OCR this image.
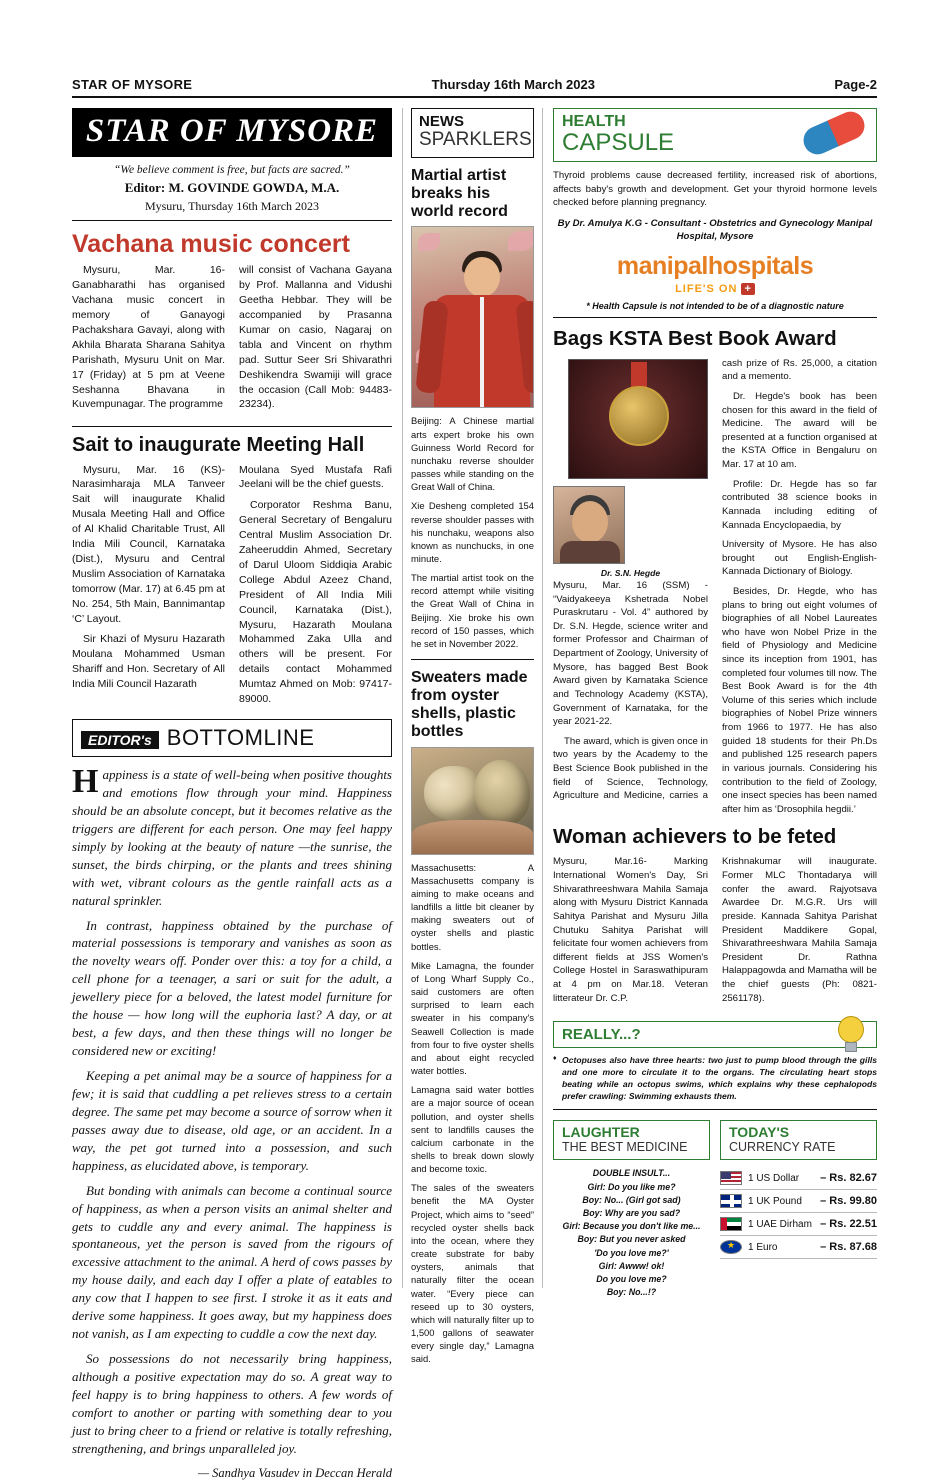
STAR OF MYSORE	Thursday 16th March 2023	Page-2
STAR OF MYSORE
“We believe comment is free, but facts are sacred.”
Editor: M. GOVINDE GOWDA, M.A.
Mysuru, Thursday 16th March 2023
Vachana music concert

Mysuru, Mar. 16- Ganabharathi has organised Vachana music concert in memory of Ganayogi Pachakshara Gavayi, along with Akhila Bharata Sharana Sahitya Parishath, Mysuru Unit on Mar. 17 (Friday) at 5 pm at Veene Seshanna Bhavana in Kuvempunagar. The programme

will consist of Vachana Gayana by Prof. Mallanna and Vidushi Geetha Hebbar. They will be accompanied by Prasanna Kumar on casio, Nagaraj on tabla and Vincent on rhythm pad. Suttur Seer Sri Shivarathri Deshikendra Swamiji will grace the occasion (Call Mob: 94483-23234).

Sait to inaugurate Meeting Hall

Mysuru, Mar. 16 (KS)- Narasimharaja MLA Tanveer Sait will inaugurate Khalid Musala Meeting Hall and Office of Al Khalid Charitable Trust, All India Mili Council, Karnataka (Dist.), Mysuru and Central Muslim Association of Karnataka tomorrow (Mar. 17) at 6.45 pm at No. 254, 5th Main, Bannimantap ‘C’ Layout.

Sir Khazi of Mysuru Hazarath Moulana Mohammed Usman Shariff and Hon. Secretary of All India Mili Council Hazarath

Moulana Syed Mustafa Rafi Jeelani will be the chief guests.

Corporator Reshma Banu, General Secretary of Bengaluru Central Muslim Association Dr. Zaheeruddin Ahmed, Secretary of Darul Uloom Siddiqia Arabic College Abdul Azeez Chand, President of All India Mili Council, Karnataka (Dist.), Mysuru, Hazarath Moulana Mohammed Zaka Ulla and others will be present. For details contact Mohammed Mumtaz Ahmed on Mob: 97417-89000.

EDITOR's BOTTOMLINE

Happiness is a state of well-being when positive thoughts and emotions flow through your mind. Happiness should be an absolute concept, but it becomes relative as the triggers are different for each person. One may feel happy simply by looking at the beauty of nature —the sunrise, the sunset, the birds chirping, or the plants and trees shining with wet, vibrant colours as the gentle rainfall acts as a natural sprinkler.

In contrast, happiness obtained by the purchase of material possessions is temporary and vanishes as soon as the novelty wears off. Ponder over this: a toy for a child, a cell phone for a teenager, a sari or suit for the adult, a jewellery piece for a beloved, the latest model furniture for the house — how long will the euphoria last? A day, or at best, a few days, and then these things will no longer be considered new or exciting!

Keeping a pet animal may be a source of happiness for a few; it is said that cuddling a pet relieves stress to a certain degree. The same pet may become a source of sorrow when it passes away due to disease, old age, or an accident. In a way, the pet got turned into a possession, and such happiness, as elucidated above, is temporary.

But bonding with animals can become a continual source of happiness, as when a person visits an animal shelter and gets to cuddle any and every animal. The happiness is spontaneous, yet the person is saved from the rigours of excessive attachment to the animal. A herd of cows passes by my house daily, and each day I offer a plate of eatables to any cow that I happen to see first. I stroke it as it eats and derive some happiness. It goes away, but my happiness does not vanish, as I am expecting to cuddle a cow the next day.

So possessions do not necessarily bring happiness, although a positive expectation may do so. A great way to feel happy is to bring happiness to others. A few words of comfort to another or parting with something dear to you just to bring cheer to a friend or relative is totally refreshing, strengthening, and brings unparalleled joy.

— Sandhya Vasudev in Deccan Herald
NEWS
SPARKLERS
Martial artist breaks his world record

Beijing: A Chinese martial arts expert broke his own Guinness World Record for nunchaku reverse shoulder passes while standing on the Great Wall of China.

Xie Desheng completed 154 reverse shoulder passes with his nunchaku, weapons also known as nunchucks, in one minute.

The martial artist took on the record attempt while visiting the Great Wall of China in Beijing. Xie broke his own record of 150 passes, which he set in November 2022.

Sweaters made from oyster shells, plastic bottles

Massachusetts: A Massachusetts company is aiming to make oceans and landfills a little bit cleaner by making sweaters out of oyster shells and plastic bottles.

Mike Lamagna, the founder of Long Wharf Supply Co., said customers are often surprised to learn each sweater in his company's Seawell Collection is made from four to five oyster shells and about eight recycled water bottles.

Lamagna said water bottles are a major source of ocean pollution, and oyster shells sent to landfills causes the calcium carbonate in the shells to break down slowly and become toxic.

The sales of the sweaters benefit the MA Oyster Project, which aims to “seed” recycled oyster shells back into the ocean, where they create substrate for baby oysters, animals that naturally filter the ocean water. “Every piece can reseed up to 30 oysters, which will naturally filter up to 1,500 gallons of seawater every single day,” Lamagna said.

HEALTH
CAPSULE
Thyroid problems cause decreased fertility, increased risk of abortions, affects baby's growth and development. Get your thyroid hormone levels checked before planning pregnancy.
By Dr. Amulya K.G - Consultant - Obstetrics and Gynecology Manipal Hospital, Mysore
manipalhospitals
LIFE'S ON +
* Health Capsule is not intended to be of a diagnostic nature
Bags KSTA Best Book Award
Dr. S.N. Hegde

Mysuru, Mar. 16 (SSM) - “Vaidyakeeya Kshetrada Nobel Puraskrutaru - Vol. 4” authored by Dr. S.N. Hegde, science writer and former Professor and Chairman of Department of Zoology, University of Mysore, has bagged Best Book Award given by Karnataka Science and Technology Academy (KSTA), Government of Karnataka, for the year 2021-22.

The award, which is given once in two years by the Academy to the Best Science Book published in the field of Science, Technology, Agriculture and Medicine, carries a cash prize of Rs. 25,000, a citation and a memento.

Dr. Hegde's book has been chosen for this award in the field of Medicine. The award will be presented at a function organised at the KSTA Office in Bengaluru on Mar. 17 at 10 am.

Profile: Dr. Hegde has so far contributed 38 science books in Kannada including editing of Kannada Encyclopaedia, by

University of Mysore. He has also brought out English-English-Kannada Dictionary of Biology.

Besides, Dr. Hegde, who has plans to bring out eight volumes of biographies of all Nobel Laureates who have won Nobel Prize in the field of Physiology and Medicine since its inception from 1901, has completed four volumes till now. The Best Book Award is for the 4th Volume of this series which include biographies of Nobel Prize winners from 1966 to 1977. He has also guided 18 students for their Ph.Ds and published 125 research papers in various journals. Considering his contribution to the field of Zoology, one insect species has been named after him as ‘Drosophila hegdii.’

Woman achievers to be feted

Mysuru, Mar.16- Marking International Women's Day, Sri Shivarathreeshwara Mahila Samaja along with Mysuru District Kannada Sahitya Parishat and Mysuru Jilla Chutuku Sahitya Parishat will felicitate four women achievers from different fields at JSS Women's College Hostel in Saraswathipuram at 4 pm on Mar.18. Veteran litterateur Dr. C.P.

Krishnakumar will inaugurate. Former MLC Thontadarya will confer the award. Rajyotsava Awardee Dr. M.G.R. Urs will preside. Kannada Sahitya Parishat President Maddikere Gopal, Shivarathreeshwara Mahila Samaja President Dr. Rathna Halappagowda and Mamatha will be the chief guests (Ph: 0821- 2561178).

REALLY...?
♦ Octopuses also have three hearts: two just to pump blood through the gills and one more to circulate it to the organs. The circulating heart stops beating while an octopus swims, which explains why these cephalopods prefer crawling: Swimming exhausts them.
LAUGHTER
THE BEST MEDICINE
DOUBLE INSULT...
Girl: Do you like me?
Boy: No... (Girl got sad)
Boy: Why are you sad?
Girl: Because you don't like me...
Boy: But you never asked
'Do you love me?'
Girl: Awww! ok!
Do you love me?
Boy: No...!?
TODAY'S
CURRENCY RATE
1 US Dollar – Rs. 82.67
1 UK Pound – Rs. 99.80
1 UAE Dirham – Rs. 22.51
★
1 Euro	– Rs. 87.68
